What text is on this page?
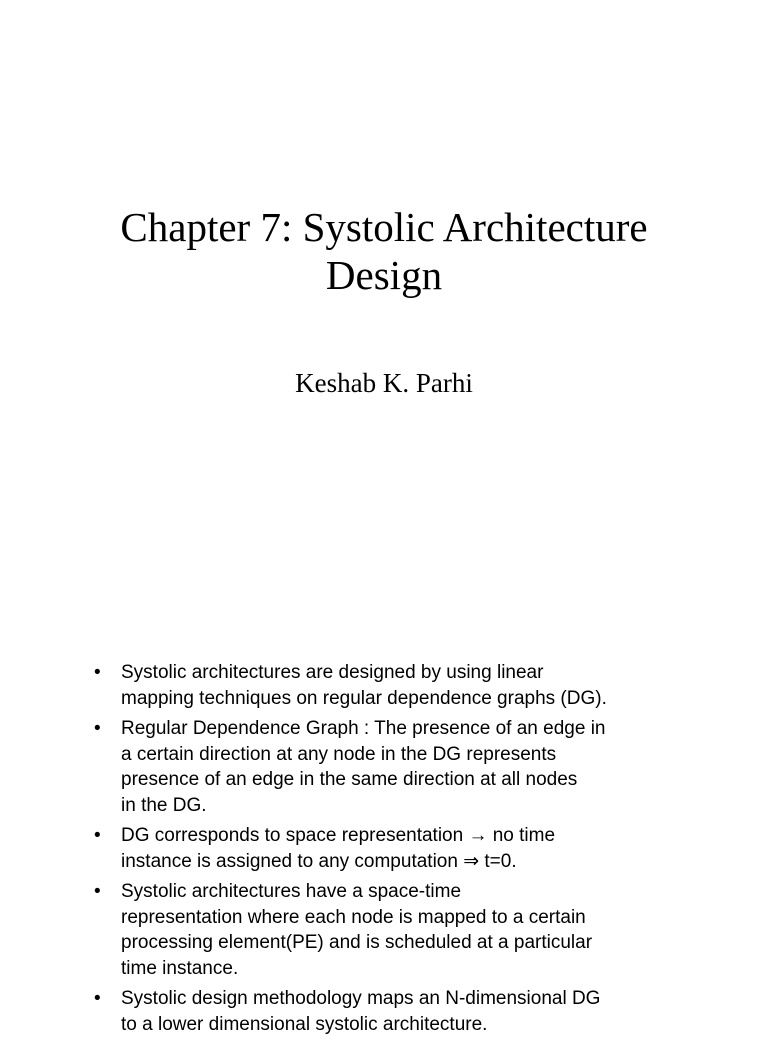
Chapter 7: Systolic Architecture
Design

Keshab K. Parhi

• Systolic architectures are designed by using linear
mapping techniques on regular dependence graphs (DG).
• Regular Dependence Graph : The presence of an edge in
a certain direction at any node in the DG represents
presence of an edge in the same direction at all nodes
in the DG.
• DG corresponds to space representation → no time
instance is assigned to any computation ⇒ t=0.
• Systolic architectures have a space-time
representation where each node is mapped to a certain
processing element(PE) and is scheduled at a particular
time instance.
• Systolic design methodology maps an N-dimensional DG
to a lower dimensional systolic architecture.
